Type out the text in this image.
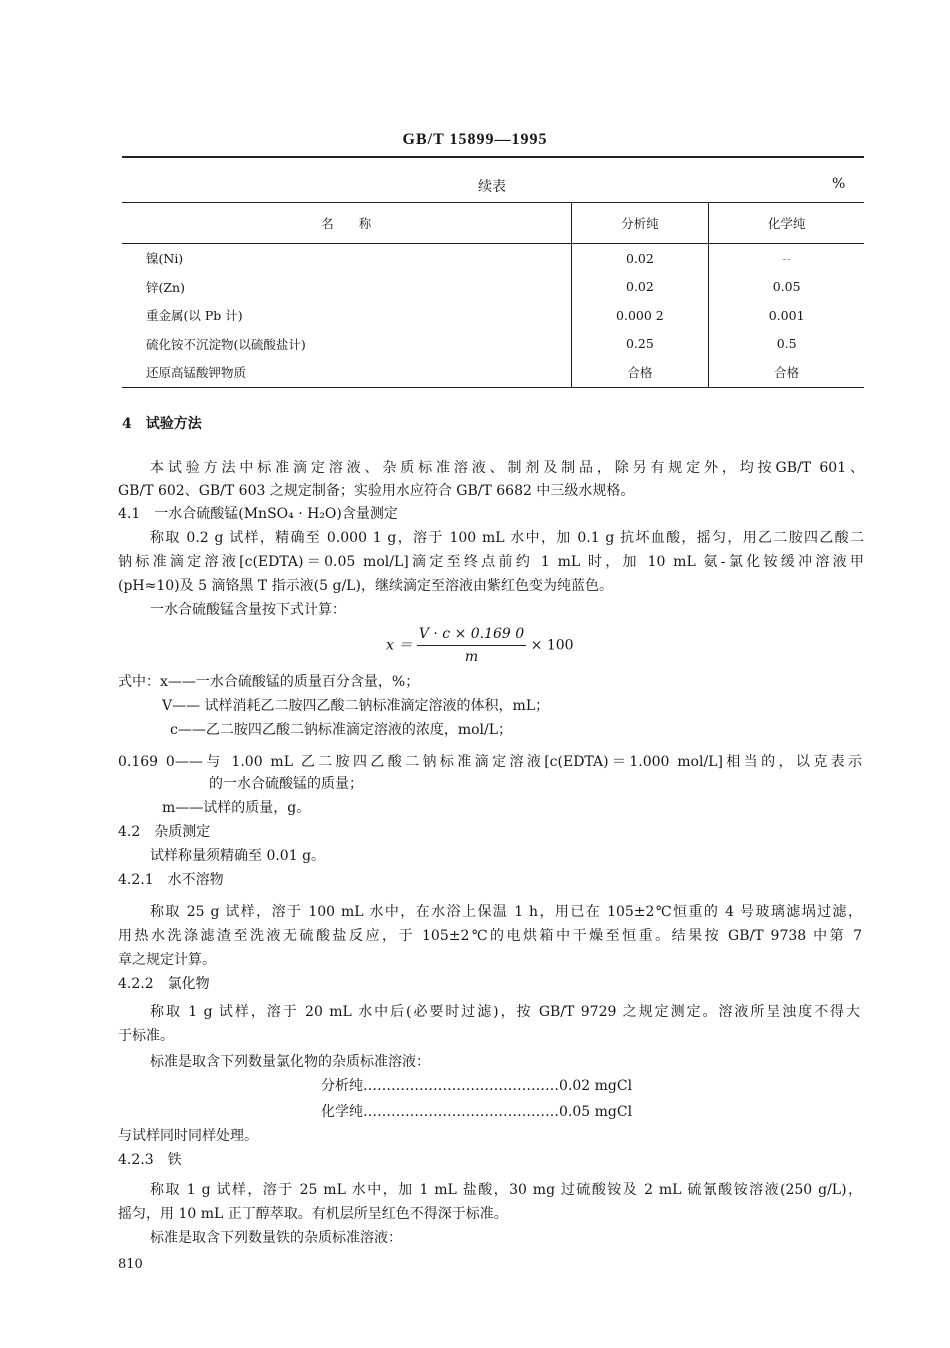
GB/T 15899—1995
续表	%
名　　称	分析纯	化学纯
镍(Ni)	0.02	--
锌(Zn)	0.02	0.05
重金属(以 Pb 计)	0.000 2	0.001
硫化铵不沉淀物(以硫酸盐计)	0.25	0.5
还原高锰酸钾物质	合格	合格
4　试验方法
本试验方法中标准滴定溶液、杂质标准溶液、制剂及制品，除另有规定外，均按GB/T 601、
GB/T 602、GB/T 603 之规定制备；实验用水应符合 GB/T 6682 中三级水规格。
4.1　一水合硫酸锰(MnSO₄ · H₂O)含量测定
称取 0.2 g 试样，精确至 0.000 1 g，溶于 100 mL 水中，加 0.1 g 抗坏血酸，摇匀，用乙二胺四乙酸二
钠标准滴定溶液[c(EDTA)＝0.05 mol/L]滴定至终点前约 1 mL 时，加 10 mL 氨-氯化铵缓冲溶液甲
(pH≈10)及 5 滴铬黑 T 指示液(5 g/L)，继续滴定至溶液由紫红色变为纯蓝色。
一水合硫酸锰含量按下式计算：
$x = \frac{V \cdot c \times 0.169 0}{m} \times 100$
式中：x——一水合硫酸锰的质量百分含量，%；
V—— 试样消耗乙二胺四乙酸二钠标准滴定溶液的体积，mL；
c——乙二胺四乙酸二钠标准滴定溶液的浓度，mol/L；
0.169 0——与 1.00 mL 乙二胺四乙酸二钠标准滴定溶液[c(EDTA)＝1.000 mol/L]相当的，以克表示
的一水合硫酸锰的质量；
m——试样的质量，g。
4.2　杂质测定
试样称量须精确至 0.01 g。
4.2.1　水不溶物
称取 25 g 试样，溶于 100 mL 水中，在水浴上保温 1 h，用已在 105±2℃恒重的 4 号玻璃滤埚过滤，
用热水洗涤滤渣至洗液无硫酸盐反应，于 105±2℃的电烘箱中干燥至恒重。结果按 GB/T 9738 中第 7
章之规定计算。
4.2.2　氯化物
称取 1 g 试样，溶于 20 mL 水中后(必要时过滤)，按 GB/T 9729 之规定测定。溶液所呈浊度不得大
于标准。
标准是取含下列数量氯化物的杂质标准溶液：
分析纯……………………………………0.02 mgCl
化学纯……………………………………0.05 mgCl
与试样同时同样处理。
4.2.3　铁
称取 1 g 试样，溶于 25 mL 水中，加 1 mL 盐酸，30 mg 过硫酸铵及 2 mL 硫氰酸铵溶液(250 g/L)，
摇匀，用 10 mL 正丁醇萃取。有机层所呈红色不得深于标准。
标准是取含下列数量铁的杂质标准溶液：
810
